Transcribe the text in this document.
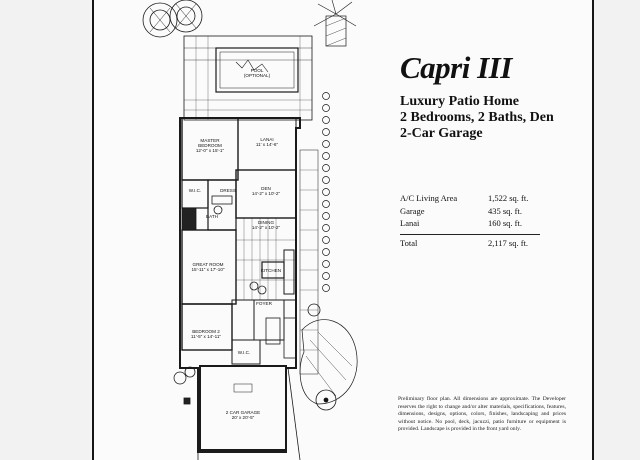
POOL
(OPTIONAL)
MASTER
BEDROOM
12'-0" x 15'-1"
LANAI
11' x 14'-6"
W.I.C.	DRESS
BATH
DEN
14'-2" x 10'-2"
DINING
14'-2" x 10'-2"
GREAT ROOM
15'-11" x 17'-10"	KITCHEN
FOYER
BEDROOM 2
11'-5" x 14'-11"
W.I.C.
2 CAR GARAGE
20' x 20'-5"
Capri III
Luxury Patio Home
2 Bedrooms, 2 Baths, Den
2-Car Garage
A/C Living Area	1,522 sq. ft.
Garage	435 sq. ft.
Lanai	160 sq. ft.
Total	2,117 sq. ft.
Preliminary floor plan. All dimensions are approximate. The Developer reserves the right to change and/or alter materials, specifications, features, dimensions, designs, options, colors, finishes, landscaping and prices without notice. No pool, deck, jacuzzi, patio furniture or equipment is provided. Landscape is provided in the front yard only.
